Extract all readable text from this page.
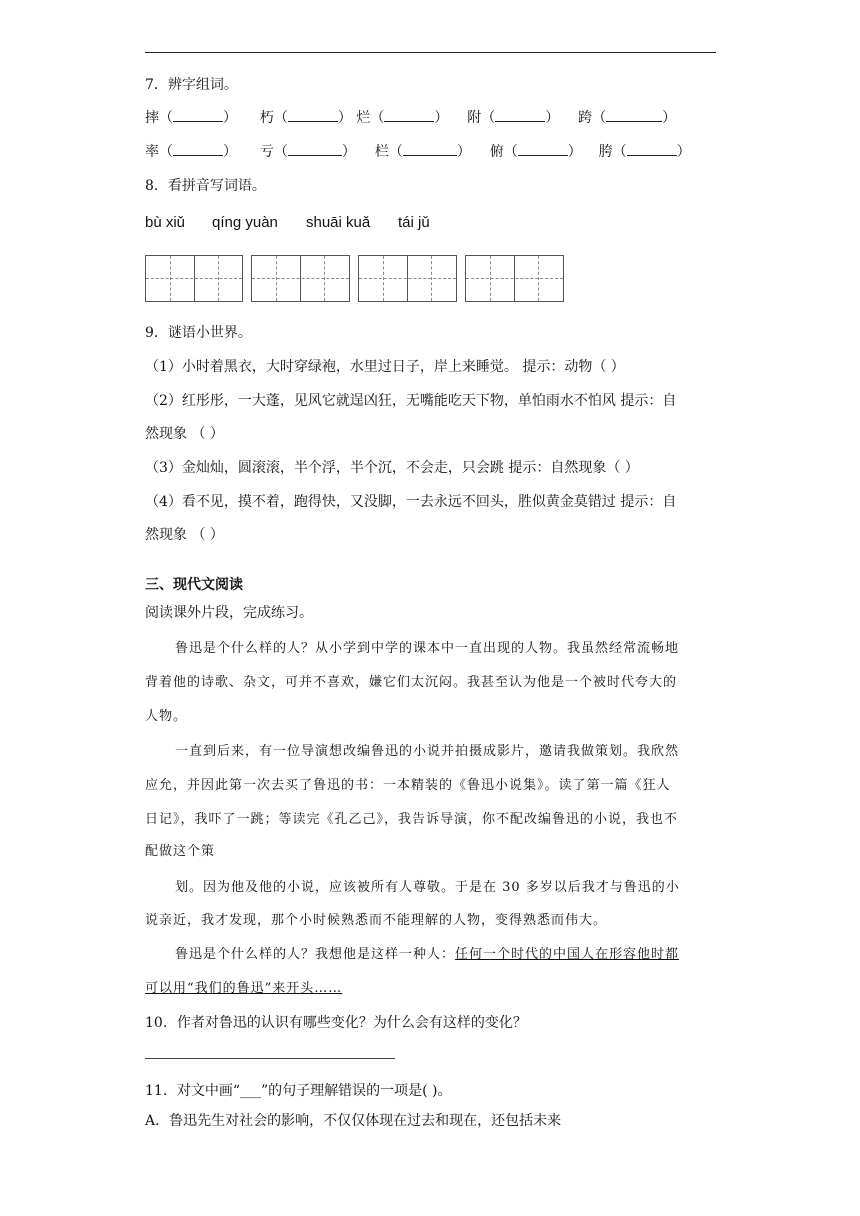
7．辨字组词。
摔（	） 朽（	） 烂（	） 附（	） 跨（	）
率（	） 亏（	） 栏（	） 俯（	） 胯（	）
8．看拼音写词语。
bù xiǔ qíng yuàn shuāi kuǎ tái jǔ
9．谜语小世界。
（1）小时着黑衣，大时穿绿袍，水里过日子，岸上来睡觉。 提示：动物（ ）
（2）红彤彤，一大蓬，见风它就逞凶狂，无嘴能吃天下物，单怕雨水不怕风 提示：自
然现象 （ ）
（3）金灿灿，圆滚滚，半个浮，半个沉，不会走，只会跳 提示：自然现象（ ）
（4）看不见，摸不着，跑得快，又没脚，一去永远不回头，胜似黄金莫错过 提示：自
然现象 （ ）
三、现代文阅读
阅读课外片段，完成练习。
鲁迅是个什么样的人？从小学到中学的课本中一直出现的人物。我虽然经常流畅地
背着他的诗歌、杂文，可并不喜欢，嫌它们太沉闷。我甚至认为他是一个被时代夸大的
人物。
一直到后来，有一位导演想改编鲁迅的小说并拍摄成影片，邀请我做策划。我欣然
应允，并因此第一次去买了鲁迅的书：一本精装的《鲁迅小说集》。读了第一篇《狂人
日记》，我吓了一跳；等读完《孔乙己》，我告诉导演，你不配改编鲁迅的小说，我也不
配做这个策
划。因为他及他的小说，应该被所有人尊敬。于是在 30 多岁以后我才与鲁迅的小
说亲近，我才发现，那个小时候熟悉而不能理解的人物，变得熟悉而伟大。
鲁迅是个什么样的人？我想他是这样一种人：任何一个时代的中国人在形容他时都
可以用“我们的鲁迅”来开头……
10．作者对鲁迅的认识有哪些变化？为什么会有这样的变化？
11．对文中画“___”的句子理解错误的一项是( )。
A．鲁迅先生对社会的影响，不仅仅体现在过去和现在，还包括未来
